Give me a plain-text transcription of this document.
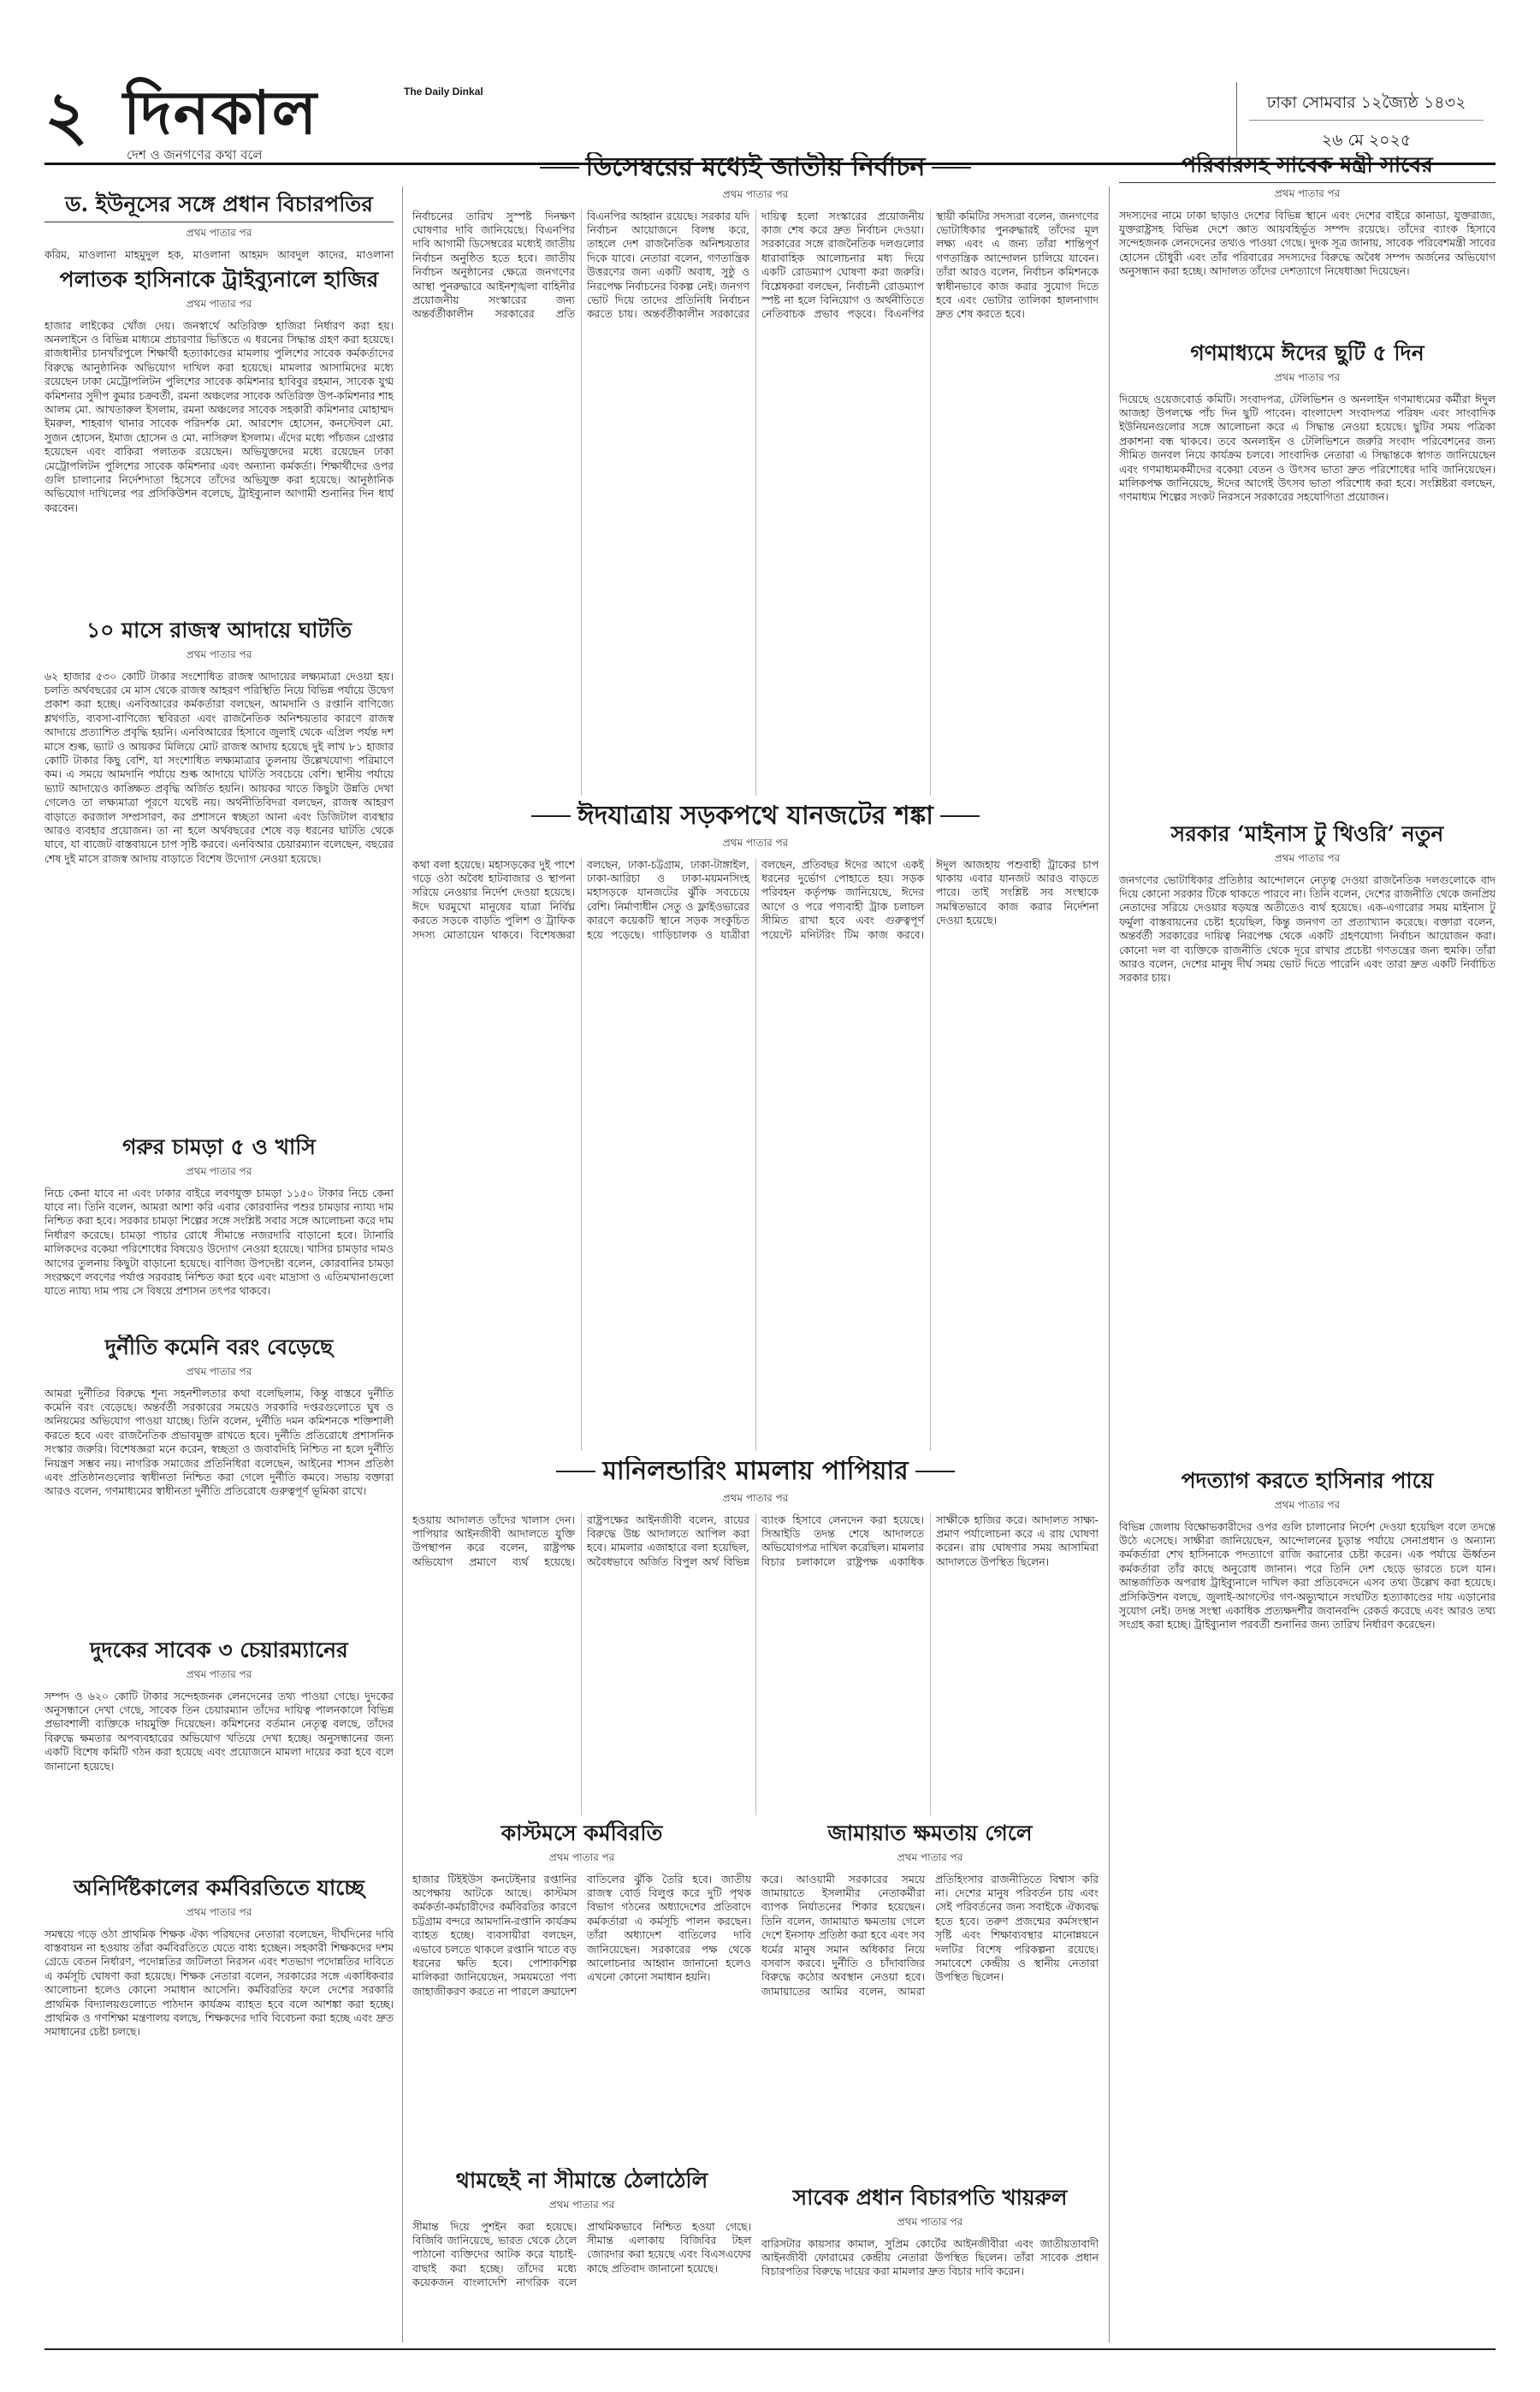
২ দিনকাল	The Daily Dinkal
দেশ ও জনগণের কথা বলে
ঢাকা সোমবার ১২জ্যৈষ্ঠ ১৪৩২
২৬ মে ২০২৫
ড. ইউনূসের সঙ্গে প্রধান বিচারপতির
প্রথম পাতার পর
করিম, মাওলানা মাহমুদুল হক, মাওলানা আহমদ আবদুল কাদের, মাওলানা
পলাতক হাসিনাকে ট্রাইব্যুনালে হাজির
প্রথম পাতার পর
হাজার লাইকের খোঁজ দেয়। জনস্বার্থে অতিরিক্ত হাজিরা নির্ধারণ করা হয়। অনলাইনে ও বিভিন্ন মাধ্যমে প্রচারণার ভিত্তিতে এ ধরনের সিদ্ধান্ত গ্রহণ করা হয়েছে। রাজধানীর চানখাঁরপুলে শিক্ষার্থী হত্যাকাণ্ডের মামলায় পুলিশের সাবেক কর্মকর্তাদের বিরুদ্ধে আনুষ্ঠানিক অভিযোগ দাখিল করা হয়েছে। মামলার আসামিদের মধ্যে রয়েছেন ঢাকা মেট্রোপলিটন পুলিশের সাবেক কমিশনার হাবিবুর রহমান, সাবেক যুগ্ম কমিশনার সুদীপ কুমার চক্রবর্তী, রমনা অঞ্চলের সাবেক অতিরিক্ত উপ-কমিশনার শাহ আলম মো. আখতারুল ইসলাম, রমনা অঞ্চলের সাবেক সহকারী কমিশনার মোহাম্মদ ইমরুল, শাহবাগ থানার সাবেক পরিদর্শক মো. আরশেদ হোসেন, কনস্টেবল মো. সুজন হোসেন, ইমাজ হোসেন ও মো. নাসিরুল ইসলাম। এঁদের মধ্যে পাঁচজন গ্রেপ্তার হয়েছেন এবং বাকিরা পলাতক রয়েছেন। অভিযুক্তদের মধ্যে রয়েছেন ঢাকা মেট্রোপলিটন পুলিশের সাবেক কমিশনার এবং অন্যান্য কর্মকর্তা। শিক্ষার্থীদের ওপর গুলি চালানোর নির্দেশদাতা হিসেবে তাঁদের অভিযুক্ত করা হয়েছে। আনুষ্ঠানিক অভিযোগ দাখিলের পর প্রসিকিউশন বলেছে, ট্রাইব্যুনাল আগামী শুনানির দিন ধার্য করবেন।
১০ মাসে রাজস্ব আদায়ে ঘাটতি
প্রথম পাতার পর
৬২ হাজার ৫৩০ কোটি টাকার সংশোধিত রাজস্ব আদায়ের লক্ষ্যমাত্রা দেওয়া হয়। চলতি অর্থবছরের মে মাস থেকে রাজস্ব আহরণ পরিস্থিতি নিয়ে বিভিন্ন পর্যায়ে উদ্বেগ প্রকাশ করা হচ্ছে। এনবিআরের কর্মকর্তারা বলছেন, আমদানি ও রপ্তানি বাণিজ্যে শ্লথগতি, ব্যবসা-বাণিজ্যে স্থবিরতা এবং রাজনৈতিক অনিশ্চয়তার কারণে রাজস্ব আদায়ে প্রত্যাশিত প্রবৃদ্ধি হয়নি। এনবিআরের হিসাবে জুলাই থেকে এপ্রিল পর্যন্ত দশ মাসে শুল্ক, ভ্যাট ও আয়কর মিলিয়ে মোট রাজস্ব আদায় হয়েছে দুই লাখ ৮১ হাজার কোটি টাকার কিছু বেশি, যা সংশোধিত লক্ষ্যমাত্রার তুলনায় উল্লেখযোগ্য পরিমাণে কম। এ সময়ে আমদানি পর্যায়ে শুল্ক আদায়ে ঘাটতি সবচেয়ে বেশি। স্থানীয় পর্যায়ে ভ্যাট আদায়েও কাঙ্ক্ষিত প্রবৃদ্ধি অর্জিত হয়নি। আয়কর খাতে কিছুটা উন্নতি দেখা গেলেও তা লক্ষ্যমাত্রা পূরণে যথেষ্ট নয়। অর্থনীতিবিদরা বলছেন, রাজস্ব আহরণ বাড়াতে করজাল সম্প্রসারণ, কর প্রশাসনে স্বচ্ছতা আনা এবং ডিজিটাল ব্যবস্থার আরও ব্যবহার প্রয়োজন। তা না হলে অর্থবছরের শেষে বড় ধরনের ঘাটতি থেকে যাবে, যা বাজেট বাস্তবায়নে চাপ সৃষ্টি করবে। এনবিআর চেয়ারম্যান বলেছেন, বছরের শেষ দুই মাসে রাজস্ব আদায় বাড়াতে বিশেষ উদ্যোগ নেওয়া হয়েছে।
গরুর চামড়া ৫ ও খাসি
প্রথম পাতার পর
নিচে কেনা যাবে না এবং ঢাকার বাইরে লবণযুক্ত চামড়া ১১৫০ টাকার নিচে কেনা যাবে না। তিনি বলেন, আমরা আশা করি এবার কোরবানির পশুর চামড়ার ন্যায্য দাম নিশ্চিত করা হবে। সরকার চামড়া শিল্পের সঙ্গে সংশ্লিষ্ট সবার সঙ্গে আলোচনা করে দাম নির্ধারণ করেছে। চামড়া পাচার রোধে সীমান্তে নজরদারি বাড়ানো হবে। ট্যানারি মালিকদের বকেয়া পরিশোধের বিষয়েও উদ্যোগ নেওয়া হয়েছে। খাসির চামড়ার দামও আগের তুলনায় কিছুটা বাড়ানো হয়েছে। বাণিজ্য উপদেষ্টা বলেন, কোরবানির চামড়া সংরক্ষণে লবণের পর্যাপ্ত সরবরাহ নিশ্চিত করা হবে এবং মাদ্রাসা ও এতিমখানাগুলো যাতে ন্যায্য দাম পায় সে বিষয়ে প্রশাসন তৎপর থাকবে।
দুর্নীতি কমেনি বরং বেড়েছে
প্রথম পাতার পর
আমরা দুর্নীতির বিরুদ্ধে শূন্য সহনশীলতার কথা বলেছিলাম, কিন্তু বাস্তবে দুর্নীতি কমেনি বরং বেড়েছে। অন্তর্বর্তী সরকারের সময়েও সরকারি দপ্তরগুলোতে ঘুষ ও অনিয়মের অভিযোগ পাওয়া যাচ্ছে। তিনি বলেন, দুর্নীতি দমন কমিশনকে শক্তিশালী করতে হবে এবং রাজনৈতিক প্রভাবমুক্ত রাখতে হবে। দুর্নীতি প্রতিরোধে প্রশাসনিক সংস্কার জরুরি। বিশেষজ্ঞরা মনে করেন, স্বচ্ছতা ও জবাবদিহি নিশ্চিত না হলে দুর্নীতি নিয়ন্ত্রণ সম্ভব নয়। নাগরিক সমাজের প্রতিনিধিরা বলেছেন, আইনের শাসন প্রতিষ্ঠা এবং প্রতিষ্ঠানগুলোর স্বাধীনতা নিশ্চিত করা গেলে দুর্নীতি কমবে। সভায় বক্তারা আরও বলেন, গণমাধ্যমের স্বাধীনতা দুর্নীতি প্রতিরোধে গুরুত্বপূর্ণ ভূমিকা রাখে।
দুদকের সাবেক ৩ চেয়ারম্যানের
প্রথম পাতার পর
সম্পদ ও ৬২০ কোটি টাকার সন্দেহজনক লেনদেনের তথ্য পাওয়া গেছে। দুদকের অনুসন্ধানে দেখা গেছে, সাবেক তিন চেয়ারম্যান তাঁদের দায়িত্ব পালনকালে বিভিন্ন প্রভাবশালী ব্যক্তিকে দায়মুক্তি দিয়েছেন। কমিশনের বর্তমান নেতৃত্ব বলছে, তাঁদের বিরুদ্ধে ক্ষমতার অপব্যবহারের অভিযোগ খতিয়ে দেখা হচ্ছে। অনুসন্ধানের জন্য একটি বিশেষ কমিটি গঠন করা হয়েছে এবং প্রয়োজনে মামলা দায়ের করা হবে বলে জানানো হয়েছে।
অনির্দিষ্টকালের কর্মবিরতিতে যাচ্ছে
প্রথম পাতার পর
সমন্বয়ে গড়ে ওঠা প্রাথমিক শিক্ষক ঐক্য পরিষদের নেতারা বলেছেন, দীর্ঘদিনের দাবি বাস্তবায়ন না হওয়ায় তাঁরা কর্মবিরতিতে যেতে বাধ্য হচ্ছেন। সহকারী শিক্ষকদের দশম গ্রেডে বেতন নির্ধারণ, পদোন্নতির জটিলতা নিরসন এবং শতভাগ পদোন্নতির দাবিতে এ কর্মসূচি ঘোষণা করা হয়েছে। শিক্ষক নেতারা বলেন, সরকারের সঙ্গে একাধিকবার আলোচনা হলেও কোনো সমাধান আসেনি। কর্মবিরতির ফলে দেশের সরকারি প্রাথমিক বিদ্যালয়গুলোতে পাঠদান কার্যক্রম ব্যাহত হবে বলে আশঙ্কা করা হচ্ছে। প্রাথমিক ও গণশিক্ষা মন্ত্রণালয় বলছে, শিক্ষকদের দাবি বিবেচনা করা হচ্ছে এবং দ্রুত সমাধানের চেষ্টা চলছে।
ডিসেম্বরের মধ্যেই জাতীয় নির্বাচন
প্রথম পাতার পর
নির্বাচনের তারিখ সুস্পষ্ট দিনক্ষণ ঘোষণার দাবি জানিয়েছে। বিএনপির দাবি আগামী ডিসেম্বরের মধ্যেই জাতীয় নির্বাচন অনুষ্ঠিত হতে হবে। জাতীয় নির্বাচন অনুষ্ঠানের ক্ষেত্রে জনগণের আস্থা পুনরুদ্ধারে আইনশৃঙ্খলা বাহিনীর প্রয়োজনীয় সংস্কারের জন্য অন্তর্বর্তীকালীন সরকারের প্রতি বিএনপির আহ্বান রয়েছে। সরকার যদি নির্বাচন আয়োজনে বিলম্ব করে, তাহলে দেশ রাজনৈতিক অনিশ্চয়তার দিকে যাবে। নেতারা বলেন, গণতান্ত্রিক উত্তরণের জন্য একটি অবাধ, সুষ্ঠু ও নিরপেক্ষ নির্বাচনের বিকল্প নেই। জনগণ ভোট দিয়ে তাদের প্রতিনিধি নির্বাচন করতে চায়। অন্তর্বর্তীকালীন সরকারের দায়িত্ব হলো সংস্কারের প্রয়োজনীয় কাজ শেষ করে দ্রুত নির্বাচন দেওয়া। সরকারের সঙ্গে রাজনৈতিক দলগুলোর ধারাবাহিক আলোচনার মধ্য দিয়ে একটি রোডম্যাপ ঘোষণা করা জরুরি। বিশ্লেষকরা বলছেন, নির্বাচনী রোডম্যাপ স্পষ্ট না হলে বিনিয়োগ ও অর্থনীতিতে নেতিবাচক প্রভাব পড়বে। বিএনপির স্থায়ী কমিটির সদস্যরা বলেন, জনগণের ভোটাধিকার পুনরুদ্ধারই তাঁদের মূল লক্ষ্য এবং এ জন্য তাঁরা শান্তিপূর্ণ গণতান্ত্রিক আন্দোলন চালিয়ে যাবেন। তাঁরা আরও বলেন, নির্বাচন কমিশনকে স্বাধীনভাবে কাজ করার সুযোগ দিতে হবে এবং ভোটার তালিকা হালনাগাদ দ্রুত শেষ করতে হবে।
ঈদযাত্রায় সড়কপথে যানজটের শঙ্কা
প্রথম পাতার পর
কথা বলা হয়েছে। মহাসড়কের দুই পাশে গড়ে ওঠা অবৈধ হাটবাজার ও স্থাপনা সরিয়ে নেওয়ার নির্দেশ দেওয়া হয়েছে। ঈদে ঘরমুখো মানুষের যাত্রা নির্বিঘ্ন করতে সড়কে বাড়তি পুলিশ ও ট্রাফিক সদস্য মোতায়েন থাকবে। বিশেষজ্ঞরা বলছেন, ঢাকা-চট্টগ্রাম, ঢাকা-টাঙ্গাইল, ঢাকা-আরিচা ও ঢাকা-ময়মনসিংহ মহাসড়কে যানজটের ঝুঁকি সবচেয়ে বেশি। নির্মাণাধীন সেতু ও ফ্লাইওভারের কারণে কয়েকটি স্থানে সড়ক সংকুচিত হয়ে পড়েছে। গাড়িচালক ও যাত্রীরা বলছেন, প্রতিবছর ঈদের আগে একই ধরনের দুর্ভোগ পোহাতে হয়। সড়ক পরিবহন কর্তৃপক্ষ জানিয়েছে, ঈদের আগে ও পরে পণ্যবাহী ট্রাক চলাচল সীমিত রাখা হবে এবং গুরুত্বপূর্ণ পয়েন্টে মনিটরিং টিম কাজ করবে। ঈদুল আজহায় পশুবাহী ট্রাকের চাপ থাকায় এবার যানজট আরও বাড়তে পারে। তাই সংশ্লিষ্ট সব সংস্থাকে সমন্বিতভাবে কাজ করার নির্দেশনা দেওয়া হয়েছে।
মানিলন্ডারিং মামলায় পাপিয়ার
প্রথম পাতার পর
হওয়ায় আদালত তাঁদের খালাস দেন। পাপিয়ার আইনজীবী আদালতে যুক্তি উপস্থাপন করে বলেন, রাষ্ট্রপক্ষ অভিযোগ প্রমাণে ব্যর্থ হয়েছে। রাষ্ট্রপক্ষের আইনজীবী বলেন, রায়ের বিরুদ্ধে উচ্চ আদালতে আপিল করা হবে। মামলার এজাহারে বলা হয়েছিল, অবৈধভাবে অর্জিত বিপুল অর্থ বিভিন্ন ব্যাংক হিসাবে লেনদেন করা হয়েছে। সিআইডি তদন্ত শেষে আদালতে অভিযোগপত্র দাখিল করেছিল। মামলার বিচার চলাকালে রাষ্ট্রপক্ষ একাধিক সাক্ষীকে হাজির করে। আদালত সাক্ষ্য-প্রমাণ পর্যালোচনা করে এ রায় ঘোষণা করেন। রায় ঘোষণার সময় আসামিরা আদালতে উপস্থিত ছিলেন।
কাস্টমসে কর্মবিরতি
প্রথম পাতার পর
হাজার টিইইউস কনটেইনার রপ্তানির অপেক্ষায় আটকে আছে। কাস্টমস কর্মকর্তা-কর্মচারীদের কর্মবিরতির কারণে চট্টগ্রাম বন্দরে আমদানি-রপ্তানি কার্যক্রম ব্যাহত হচ্ছে। ব্যবসায়ীরা বলছেন, এভাবে চলতে থাকলে রপ্তানি খাতে বড় ধরনের ক্ষতি হবে। পোশাকশিল্প মালিকরা জানিয়েছেন, সময়মতো পণ্য জাহাজীকরণ করতে না পারলে ক্রয়াদেশ বাতিলের ঝুঁকি তৈরি হবে। জাতীয় রাজস্ব বোর্ড বিলুপ্ত করে দুটি পৃথক বিভাগ গঠনের অধ্যাদেশের প্রতিবাদে কর্মকর্তারা এ কর্মসূচি পালন করছেন। তাঁরা অধ্যাদেশ বাতিলের দাবি জানিয়েছেন। সরকারের পক্ষ থেকে আলোচনার আহ্বান জানানো হলেও এখনো কোনো সমাধান হয়নি।
থামছেই না সীমান্তে ঠেলাঠেলি
প্রথম পাতার পর
সীমান্ত দিয়ে পুশইন করা হয়েছে। বিজিবি জানিয়েছে, ভারত থেকে ঠেলে পাঠানো ব্যক্তিদের আটক করে যাচাই-বাছাই করা হচ্ছে। তাঁদের মধ্যে কয়েকজন বাংলাদেশি নাগরিক বলে প্রাথমিকভাবে নিশ্চিত হওয়া গেছে। সীমান্ত এলাকায় বিজিবির টহল জোরদার করা হয়েছে এবং বিএসএফের কাছে প্রতিবাদ জানানো হয়েছে।
জামায়াত ক্ষমতায় গেলে
প্রথম পাতার পর
করে। আওয়ামী সরকারের সময়ে জামায়াতে ইসলামীর নেতাকর্মীরা ব্যাপক নির্যাতনের শিকার হয়েছেন। তিনি বলেন, জামায়াত ক্ষমতায় গেলে দেশে ইনসাফ প্রতিষ্ঠা করা হবে এবং সব ধর্মের মানুষ সমান অধিকার নিয়ে বসবাস করবে। দুর্নীতি ও চাঁদাবাজির বিরুদ্ধে কঠোর অবস্থান নেওয়া হবে। জামায়াতের আমির বলেন, আমরা প্রতিহিংসার রাজনীতিতে বিশ্বাস করি না। দেশের মানুষ পরিবর্তন চায় এবং সেই পরিবর্তনের জন্য সবাইকে ঐক্যবদ্ধ হতে হবে। তরুণ প্রজন্মের কর্মসংস্থান সৃষ্টি এবং শিক্ষাব্যবস্থার মানোন্নয়নে দলটির বিশেষ পরিকল্পনা রয়েছে। সমাবেশে কেন্দ্রীয় ও স্থানীয় নেতারা উপস্থিত ছিলেন।
সাবেক প্রধান বিচারপতি খায়রুল
প্রথম পাতার পর
বারিসটার কায়সার কামাল, সুপ্রিম কোর্টের আইনজীবীরা এবং জাতীয়তাবাদী আইনজীবী ফোরামের কেন্দ্রীয় নেতারা উপস্থিত ছিলেন। তাঁরা সাবেক প্রধান বিচারপতির বিরুদ্ধে দায়ের করা মামলার দ্রুত বিচার দাবি করেন।
পরিবারসহ সাবেক মন্ত্রী সাবের
প্রথম পাতার পর
সদস্যদের নামে ঢাকা ছাড়াও দেশের বিভিন্ন স্থানে এবং দেশের বাইরে কানাডা, যুক্তরাজ্য, যুক্তরাষ্ট্রসহ বিভিন্ন দেশে জ্ঞাত আয়বহির্ভূত সম্পদ রয়েছে। তাঁদের ব্যাংক হিসাবে সন্দেহজনক লেনদেনের তথ্যও পাওয়া গেছে। দুদক সূত্র জানায়, সাবেক পরিবেশমন্ত্রী সাবের হোসেন চৌধুরী এবং তাঁর পরিবারের সদস্যদের বিরুদ্ধে অবৈধ সম্পদ অর্জনের অভিযোগ অনুসন্ধান করা হচ্ছে। আদালত তাঁদের দেশত্যাগে নিষেধাজ্ঞা দিয়েছেন।
গণমাধ্যমে ঈদের ছুটি ৫ দিন
প্রথম পাতার পর
দিয়েছে ওয়েজবোর্ড কমিটি। সংবাদপত্র, টেলিভিশন ও অনলাইন গণমাধ্যমের কর্মীরা ঈদুল আজহা উপলক্ষে পাঁচ দিন ছুটি পাবেন। বাংলাদেশ সংবাদপত্র পরিষদ এবং সাংবাদিক ইউনিয়নগুলোর সঙ্গে আলোচনা করে এ সিদ্ধান্ত নেওয়া হয়েছে। ছুটির সময় পত্রিকা প্রকাশনা বন্ধ থাকবে। তবে অনলাইন ও টেলিভিশনে জরুরি সংবাদ পরিবেশনের জন্য সীমিত জনবল নিয়ে কার্যক্রম চলবে। সাংবাদিক নেতারা এ সিদ্ধান্তকে স্বাগত জানিয়েছেন এবং গণমাধ্যমকর্মীদের বকেয়া বেতন ও উৎসব ভাতা দ্রুত পরিশোধের দাবি জানিয়েছেন। মালিকপক্ষ জানিয়েছে, ঈদের আগেই উৎসব ভাতা পরিশোধ করা হবে। সংশ্লিষ্টরা বলছেন, গণমাধ্যম শিল্পের সংকট নিরসনে সরকারের সহযোগিতা প্রয়োজন।
সরকার ‘মাইনাস টু থিওরি’ নতুন
প্রথম পাতার পর
জনগণের ভোটাধিকার প্রতিষ্ঠার আন্দোলনে নেতৃত্ব দেওয়া রাজনৈতিক দলগুলোকে বাদ দিয়ে কোনো সরকার টিকে থাকতে পারবে না। তিনি বলেন, দেশের রাজনীতি থেকে জনপ্রিয় নেতাদের সরিয়ে দেওয়ার ষড়যন্ত্র অতীতেও ব্যর্থ হয়েছে। এক-এগারোর সময় মাইনাস টু ফর্মুলা বাস্তবায়নের চেষ্টা হয়েছিল, কিন্তু জনগণ তা প্রত্যাখ্যান করেছে। বক্তারা বলেন, অন্তর্বর্তী সরকারের দায়িত্ব নিরপেক্ষ থেকে একটি গ্রহণযোগ্য নির্বাচন আয়োজন করা। কোনো দল বা ব্যক্তিকে রাজনীতি থেকে দূরে রাখার প্রচেষ্টা গণতন্ত্রের জন্য হুমকি। তাঁরা আরও বলেন, দেশের মানুষ দীর্ঘ সময় ভোট দিতে পারেনি এবং তারা দ্রুত একটি নির্বাচিত সরকার চায়।
পদত্যাগ করতে হাসিনার পায়ে
প্রথম পাতার পর
বিভিন্ন জেলায় বিক্ষোভকারীদের ওপর গুলি চালানোর নির্দেশ দেওয়া হয়েছিল বলে তদন্তে উঠে এসেছে। সাক্ষীরা জানিয়েছেন, আন্দোলনের চূড়ান্ত পর্যায়ে সেনাপ্রধান ও অন্যান্য কর্মকর্তারা শেখ হাসিনাকে পদত্যাগে রাজি করানোর চেষ্টা করেন। এক পর্যায়ে ঊর্ধ্বতন কর্মকর্তারা তাঁর কাছে অনুরোধ জানান। পরে তিনি দেশ ছেড়ে ভারতে চলে যান। আন্তর্জাতিক অপরাধ ট্রাইব্যুনালে দাখিল করা প্রতিবেদনে এসব তথ্য উল্লেখ করা হয়েছে। প্রসিকিউশন বলছে, জুলাই-আগস্টের গণ-অভ্যুত্থানে সংঘটিত হত্যাকাণ্ডের দায় এড়ানোর সুযোগ নেই। তদন্ত সংস্থা একাধিক প্রত্যক্ষদর্শীর জবানবন্দি রেকর্ড করেছে এবং আরও তথ্য সংগ্রহ করা হচ্ছে। ট্রাইব্যুনাল পরবর্তী শুনানির জন্য তারিখ নির্ধারণ করেছেন।
